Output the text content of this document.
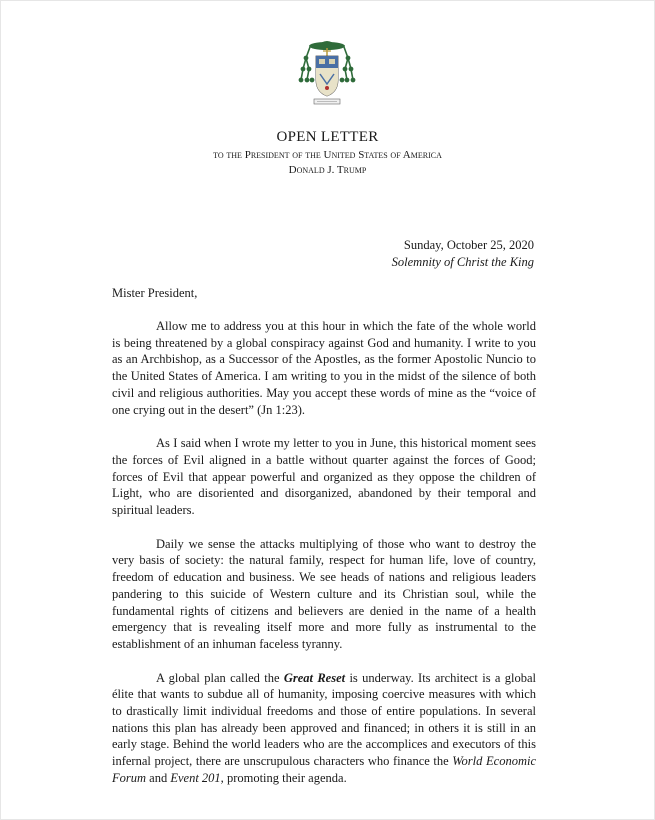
OPEN LETTER
to the President of the United States of America
Donald J. Trump
Sunday, October 25, 2020
Solemnity of Christ the King
Mister President,

Allow me to address you at this hour in which the fate of the whole world is being threatened by a global conspiracy against God and humanity. I write to you as an Archbishop, as a Successor of the Apostles, as the former Apostolic Nuncio to the United States of America. I am writing to you in the midst of the silence of both civil and religious authorities. May you accept these words of mine as the “voice of one crying out in the desert” (Jn 1:23).

As I said when I wrote my letter to you in June, this historical moment sees the forces of Evil aligned in a battle without quarter against the forces of Good; forces of Evil that appear powerful and organized as they oppose the children of Light, who are disoriented and disorganized, abandoned by their temporal and spiritual leaders.

Daily we sense the attacks multiplying of those who want to destroy the very basis of society: the natural family, respect for human life, love of country, freedom of education and business. We see heads of nations and religious leaders pandering to this suicide of Western culture and its Christian soul, while the fundamental rights of citizens and believers are denied in the name of a health emergency that is revealing itself more and more fully as instrumental to the establishment of an inhuman faceless tyranny.

A global plan called the Great Reset is underway. Its architect is a global élite that wants to subdue all of humanity, imposing coercive measures with which to drastically limit individual freedoms and those of entire populations. In several nations this plan has already been approved and financed; in others it is still in an early stage. Behind the world leaders who are the accomplices and executors of this infernal project, there are unscrupulous characters who finance the World Economic Forum and Event 201, promoting their agenda.
